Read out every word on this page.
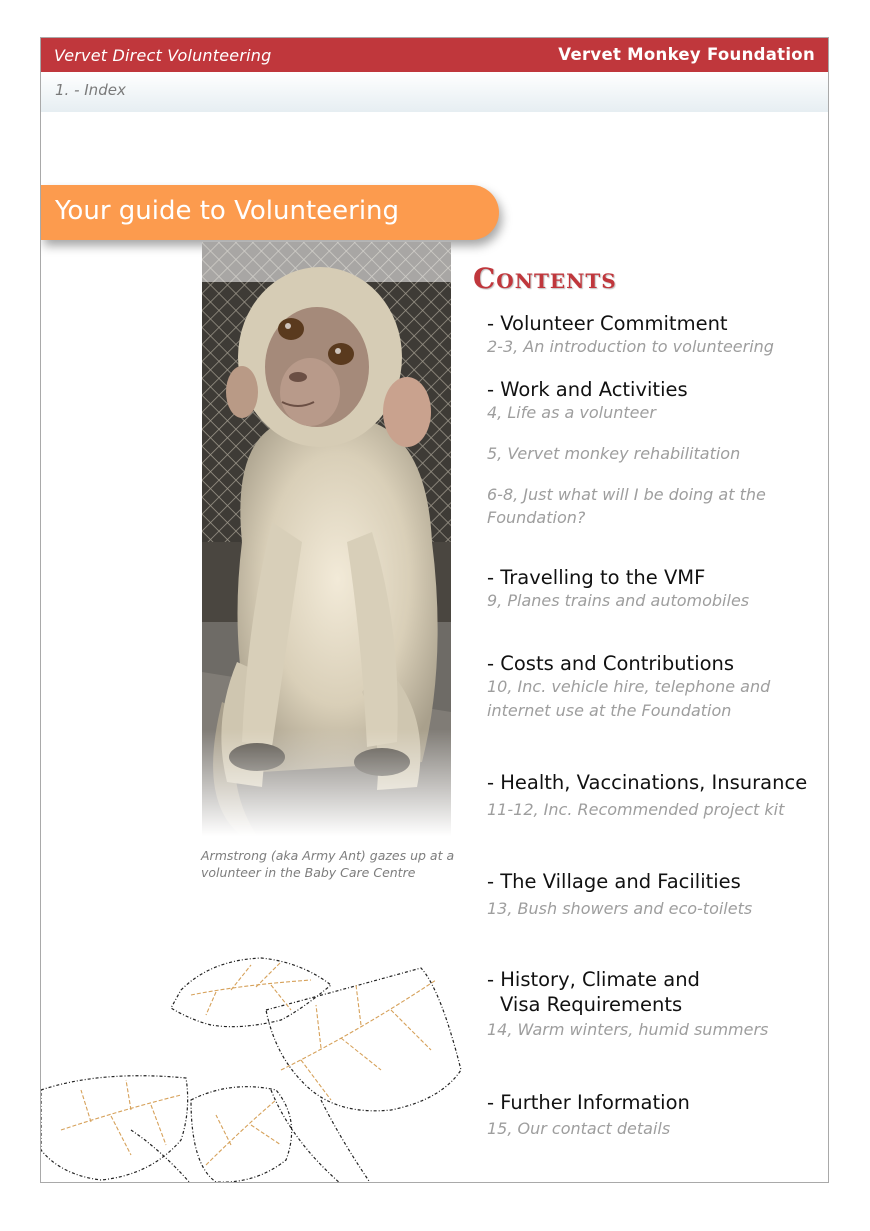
Vervet Direct Volunteering	Vervet Monkey Foundation
1. - Index
Your guide to Volunteering
Armstrong (aka Army Ant) gazes up at a volunteer in the Baby Care Centre
Contents
- Volunteer Commitment
2-3, An introduction to volunteering
- Work and Activities
4, Life as a volunteer
5, Vervet monkey rehabilitation
6-8, Just what will I be doing at the Foundation?
- Travelling to the VMF
9, Planes trains and automobiles
- Costs and Contributions
10, Inc. vehicle hire, telephone and internet use at the Foundation
- Health, Vaccinations, Insurance
11-12, Inc. Recommended project kit
- The Village and Facilities
13, Bush showers and eco-toilets
- History, Climate and
Visa Requirements
14, Warm winters, humid summers
- Further Information
15, Our contact details
